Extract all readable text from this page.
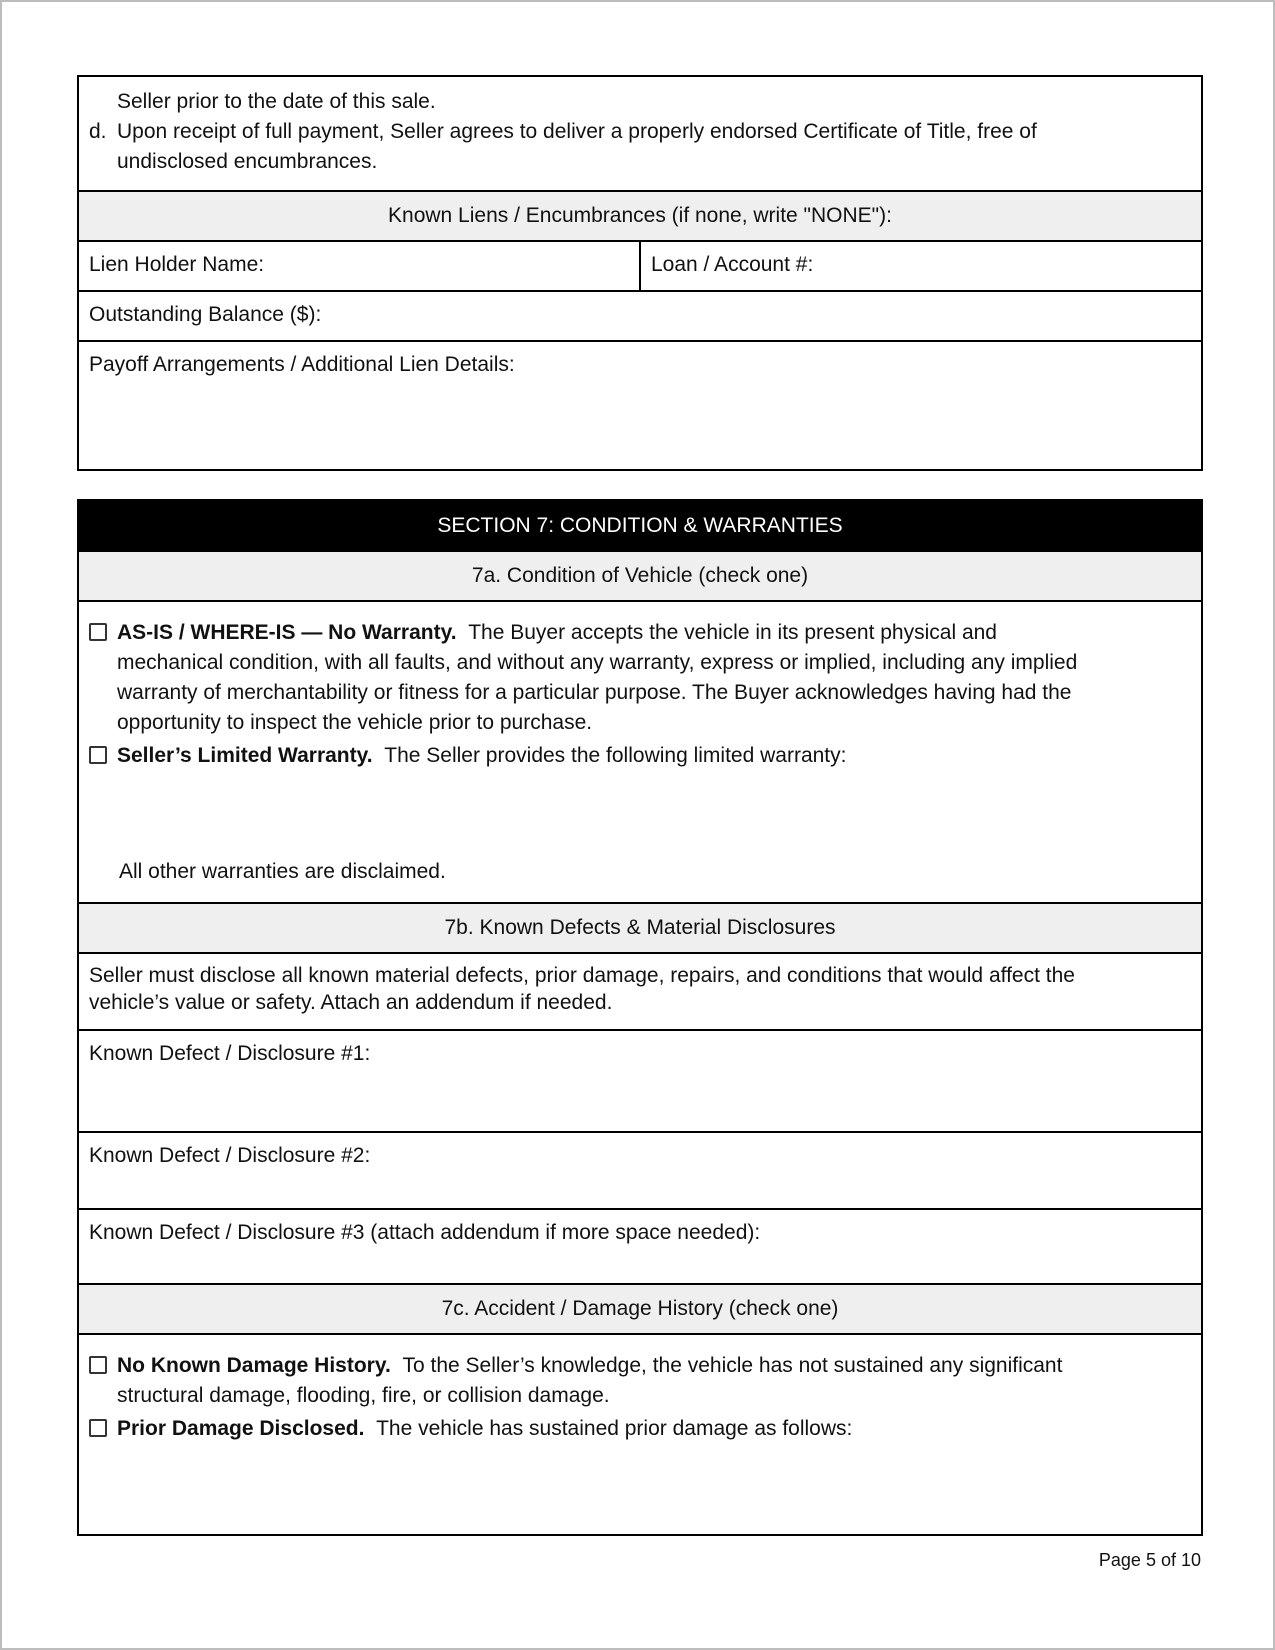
Seller prior to the date of this sale.
d. Upon receipt of full payment, Seller agrees to deliver a properly endorsed Certificate of Title, free of
undisclosed encumbrances.
Known Liens / Encumbrances (if none, write "NONE"):
Lien Holder Name:	Loan / Account #:
Outstanding Balance ($):
Payoff Arrangements / Additional Lien Details:
SECTION 7: CONDITION & WARRANTIES
7a. Condition of Vehicle (check one)
AS-IS / WHERE-IS — No Warranty. The Buyer accepts the vehicle in its present physical and
mechanical condition, with all faults, and without any warranty, express or implied, including any implied
warranty of merchantability or fitness for a particular purpose. The Buyer acknowledges having had the
opportunity to inspect the vehicle prior to purchase.
Seller’s Limited Warranty. The Seller provides the following limited warranty:
All other warranties are disclaimed.
7b. Known Defects & Material Disclosures
Seller must disclose all known material defects, prior damage, repairs, and conditions that would affect the
vehicle’s value or safety. Attach an addendum if needed.
Known Defect / Disclosure #1:
Known Defect / Disclosure #2:
Known Defect / Disclosure #3 (attach addendum if more space needed):
7c. Accident / Damage History (check one)
No Known Damage History. To the Seller’s knowledge, the vehicle has not sustained any significant
structural damage, flooding, fire, or collision damage.
Prior Damage Disclosed. The vehicle has sustained prior damage as follows:
Page 5 of 10
